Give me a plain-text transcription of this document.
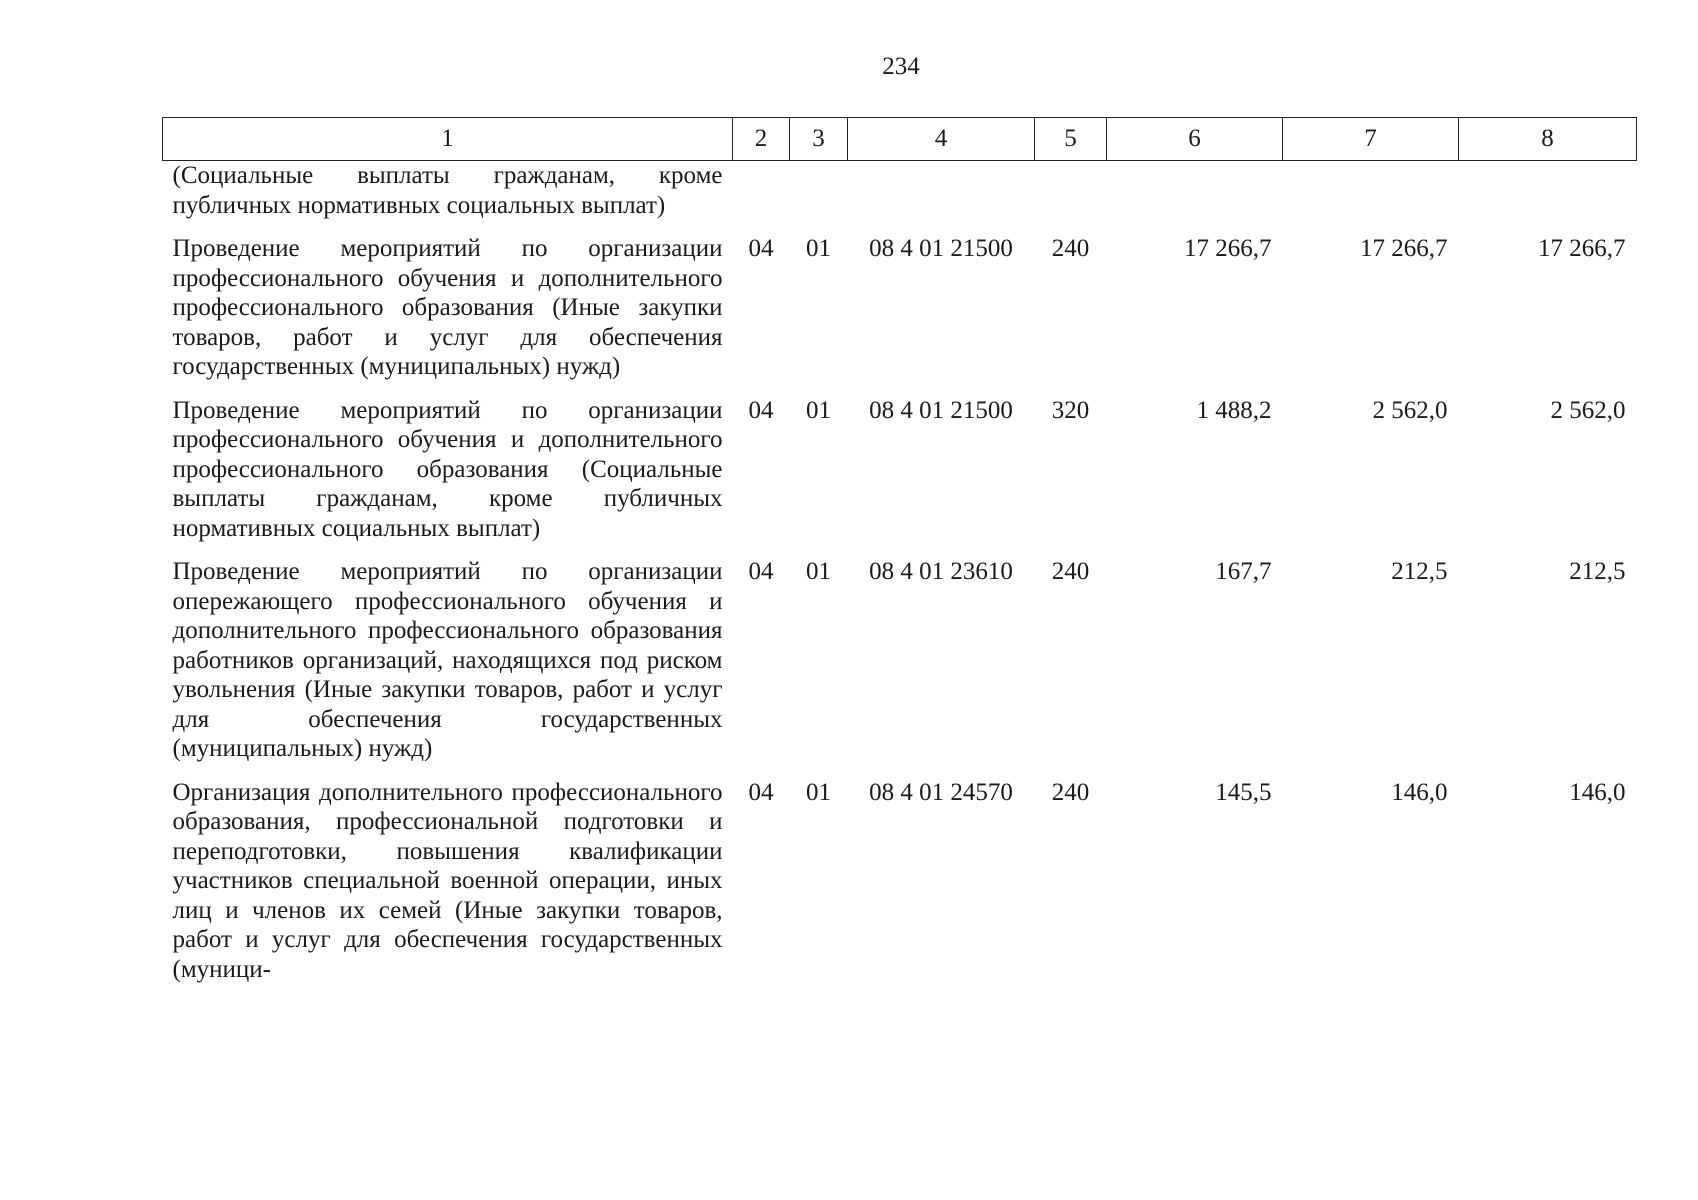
234
1	2	3	4	5	6	7	8
(Социальные выплаты гражданам, кроме публичных нормативных социальных выплат)							
Проведение мероприятий по организации профессионального обучения и дополнительного профессионального образования (Иные закупки товаров, работ и услуг для обеспечения государственных (муниципальных) нужд)	04	01	08 4 01 21500	240	17 266,7	17 266,7	17 266,7
Проведение мероприятий по организации профессионального обучения и дополнительного профессионального образования (Социальные выплаты гражданам, кроме публичных нормативных социальных выплат)	04	01	08 4 01 21500	320	1 488,2	2 562,0	2 562,0
Проведение мероприятий по организации опережающего профессионального обучения и дополнительного профессионального образования работников организаций, находящихся под риском увольнения (Иные закупки товаров, работ и услуг для обеспечения государственных (муниципальных) нужд)	04	01	08 4 01 23610	240	167,7	212,5	212,5
Организация дополнительного профессионального образования, профессиональной подготовки и переподготовки, повышения квалификации участников специальной военной операции, иных лиц и членов их семей (Иные закупки товаров, работ и услуг для обеспечения государственных (муници-	04	01	08 4 01 24570	240	145,5	146,0	146,0
